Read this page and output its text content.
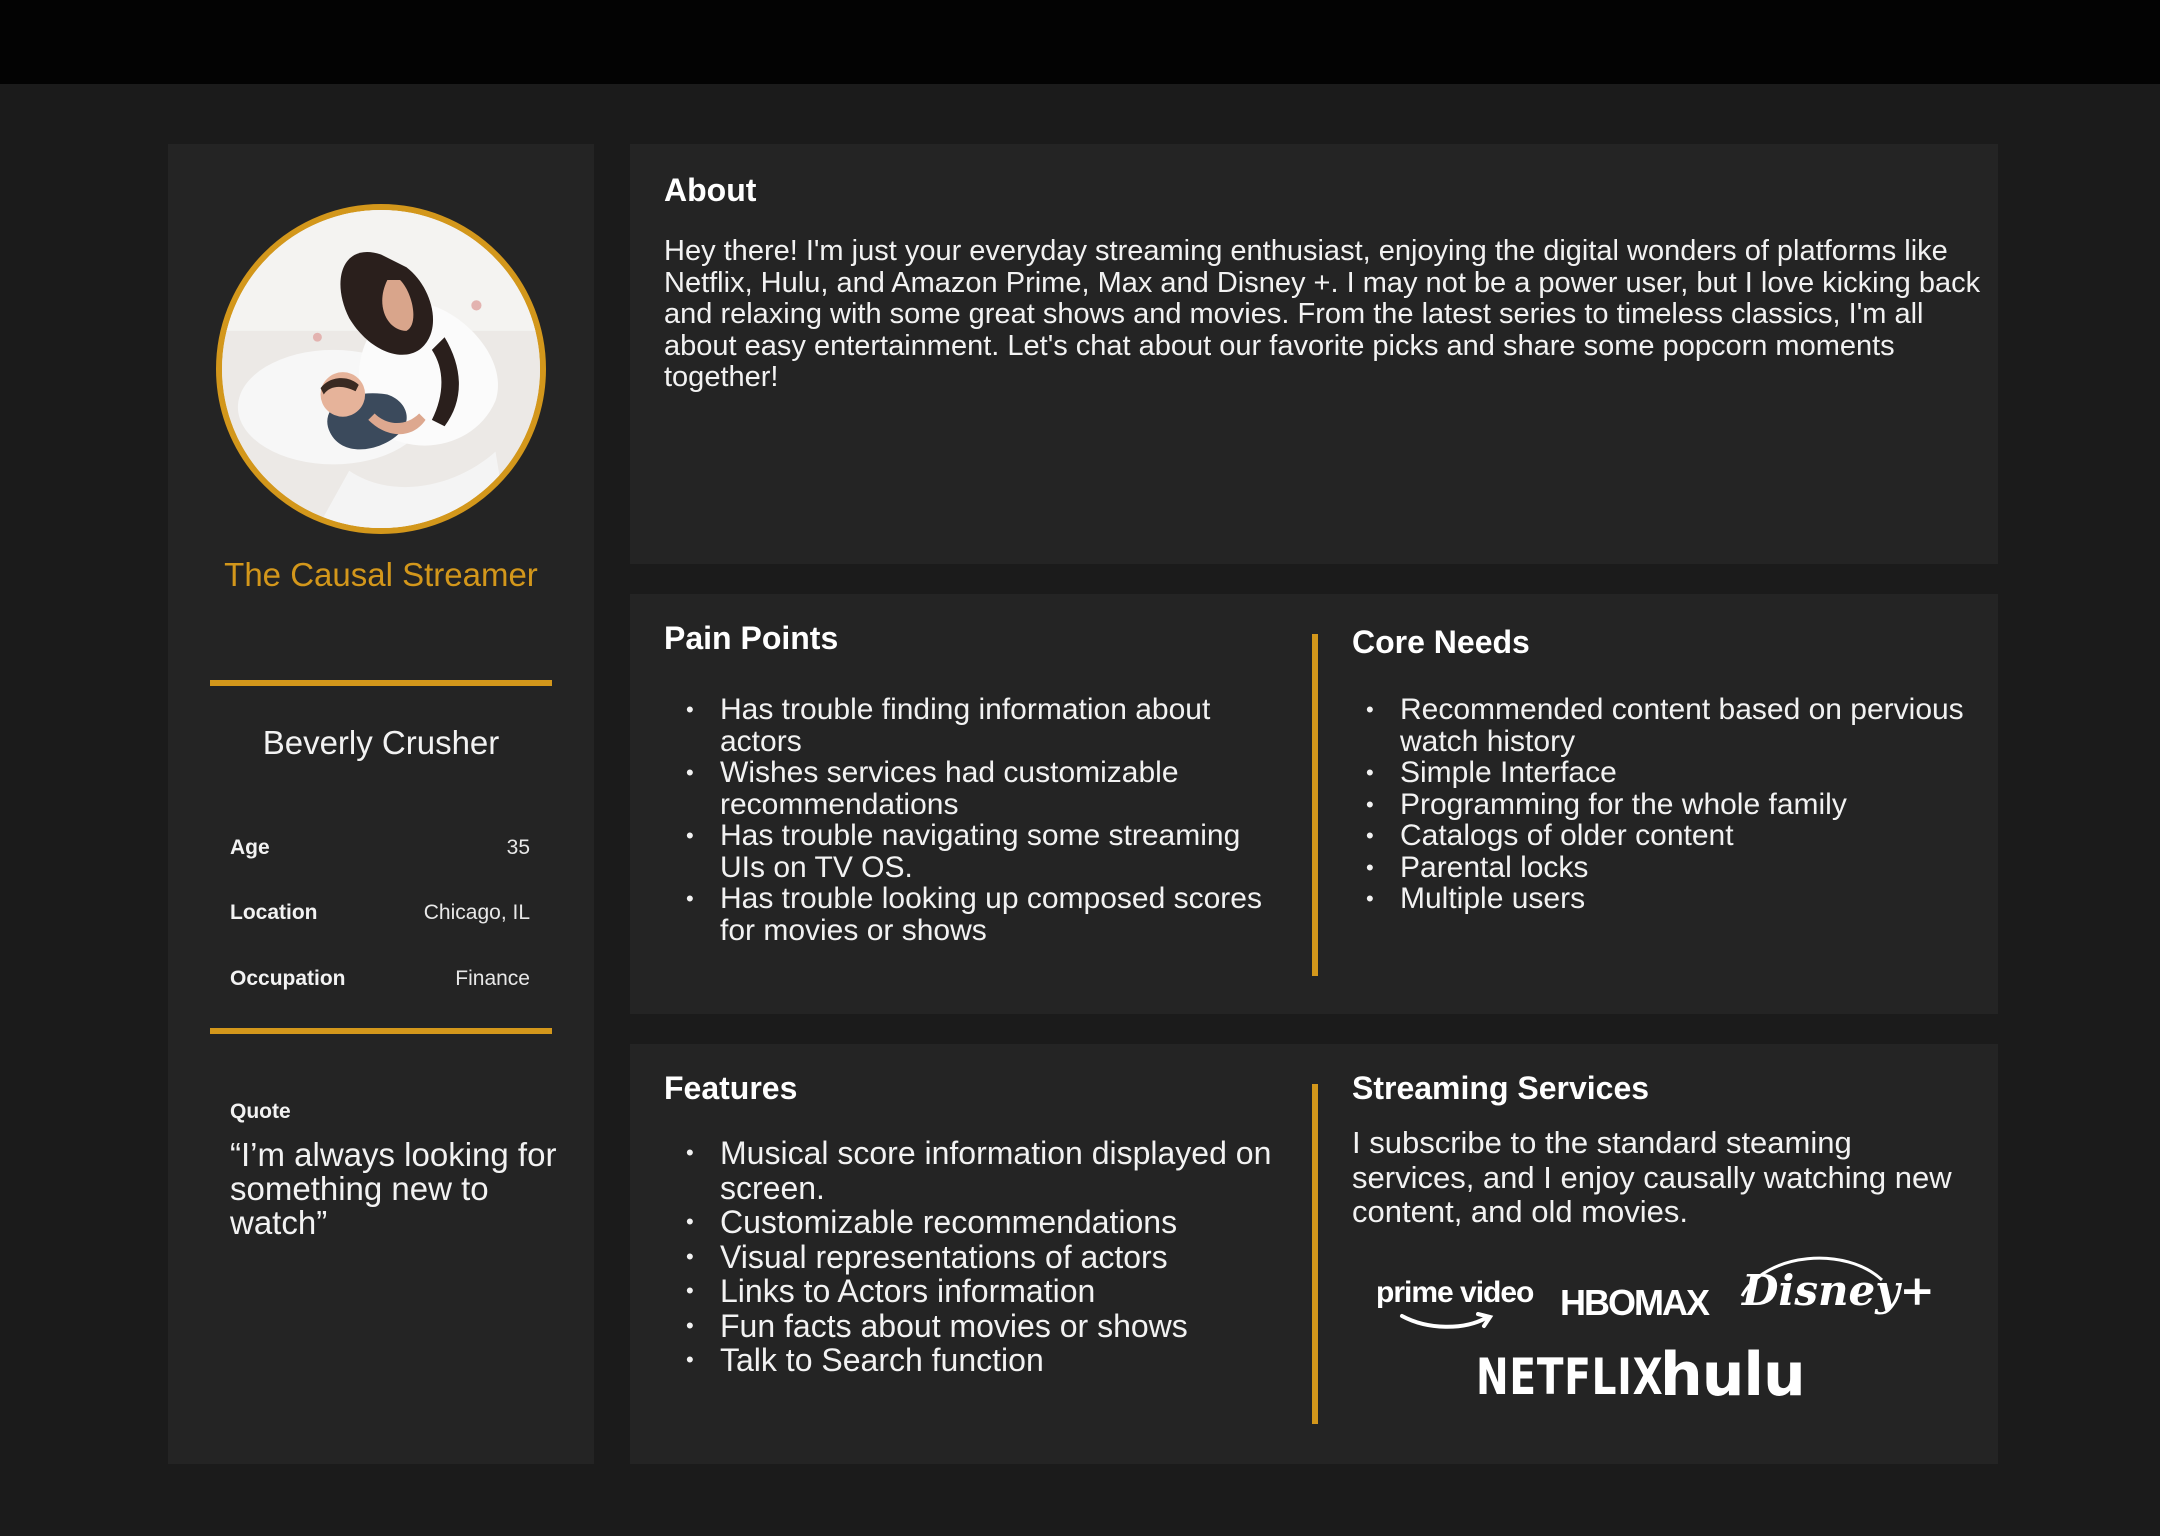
The Causal Streamer
Beverly Crusher
Age	35
Location	Chicago, IL
Occupation	Finance
Quote
“I’m always looking for something new to watch”
About

Hey there! I'm just your everyday streaming enthusiast, enjoying the digital wonders of platforms like Netflix, Hulu, and Amazon Prime, Max and Disney +. I may not be a power user, but I love kicking back and relaxing with some great shows and movies. From the latest series to timeless classics, I'm all about easy entertainment. Let's chat about our favorite picks and share some popcorn moments together!

Pain Points
• Has trouble finding information about actors
• Wishes services had customizable recommendations
• Has trouble navigating some streaming UIs on TV OS.
• Has trouble looking up composed scores for movies or shows
Core Needs
• Recommended content based on pervious watch history
• Simple Interface
• Programming for the whole family
• Catalogs of older content
• Parental locks
• Multiple users
Features
• Musical score information displayed on screen.
• Customizable recommendations
• Visual representations of actors
• Links to Actors information
• Fun facts about movies or shows
• Talk to Search function
Streaming Services

I subscribe to the standard steaming services, and I enjoy causally watching new content, and old movies.

prime video HBOMAX Disney+
NETFLIX
hulu
